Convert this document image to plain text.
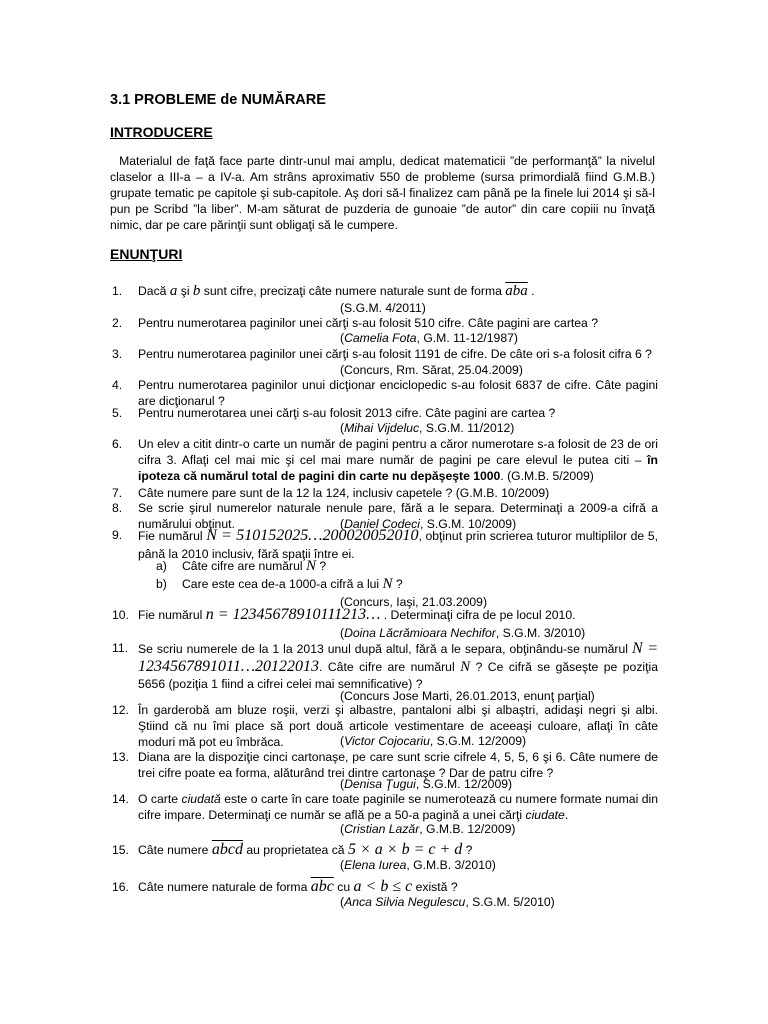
3.1 PROBLEME de NUMĂRARE
INTRODUCERE
Materialul de faţă face parte dintr-unul mai amplu, dedicat matematicii ”de performanţă” la nivelul claselor a III-a – a IV-a. Am strâns aproximativ 550 de probleme (sursa primordială fiind G.M.B.) grupate tematic pe capitole şi sub-capitole. Aş dori să-l finalizez cam până pe la finele lui 2014 şi să-l pun pe Scribd ”la liber”. M-am săturat de puzderia de gunoaie ”de autor” din care copiii nu învaţă nimic, dar pe care părinţii sunt obligaţi să le cumpere.
ENUNŢURI
1.	Dacă a şi b sunt cifre, precizaţi câte numere naturale sunt de forma $\overline{aba}$ .
(S.G.M. 4/2011)
2.	Pentru numerotarea paginilor unei cărţi s-au folosit 510 cifre. Câte pagini are cartea ?
(Camelia Fota, G.M. 11-12/1987)
3.	Pentru numerotarea paginilor unei cărţi s-au folosit 1191 de cifre. De câte ori s-a folosit cifra 6 ?
(Concurs, Rm. Sărat, 25.04.2009)
4.	Pentru numerotarea paginilor unui dicţionar enciclopedic s-au folosit 6837 de cifre. Câte pagini are dicţionarul ?
5.	Pentru numerotarea unei cărţi s-au folosit 2013 cifre. Câte pagini are cartea ?
(Mihai Vijdeluc, S.G.M. 11/2012)
6.	Un elev a citit dintr-o carte un număr de pagini pentru a căror numerotare s-a folosit de 23 de ori cifra 3. Aflaţi cel mai mic şi cel mai mare număr de pagini pe care elevul le putea citi – în ipoteza că numărul total de pagini din carte nu depăşeşte 1000. (G.M.B. 5/2009)
7.	Câte numere pare sunt de la 12 la 124, inclusiv capetele ? (G.M.B. 10/2009)
8.	Se scrie şirul numerelor naturale nenule pare, fără a le separa. Determinaţi a 2009-a cifră a numărului obţinut.	(Daniel Codeci, S.G.M. 10/2009)
9.	Fie numărul N = 510152025…200020052010, obţinut prin scrierea tuturor multiplilor de 5, până la 2010 inclusiv, fără spaţii între ei.
a) Câte cifre are numărul N ?
b) Care este cea de-a 1000-a cifră a lui N ?
(Concurs, Iaşi, 21.03.2009)
10. Fie numărul n = 12345678910111213… . Determinaţi cifra de pe locul 2010.
(Doina Lăcrămioara Nechifor, S.G.M. 3/2010)
11. Se scriu numerele de la 1 la 2013 unul după altul, fără a le separa, obţinându-se numărul N = 1234567891011…20122013. Câte cifre are numărul N ? Ce cifră se găseşte pe poziţia 5656 (poziţia 1 fiind a cifrei celei mai semnificative) ?
(Concurs Jose Marti, 26.01.2013, enunţ parţial)
12. În garderobă am bluze roşii, verzi şi albastre, pantaloni albi şi albaştri, adidaşi negri şi albi. Ştiind că nu îmi place să port două articole vestimentare de aceeaşi culoare, aflaţi în câte moduri mă pot eu îmbrăca.	(Victor Cojocariu, S.G.M. 12/2009)
13. Diana are la dispoziţie cinci cartonaşe, pe care sunt scrie cifrele 4, 5, 5, 6 şi 6. Câte numere de trei cifre poate ea forma, alăturând trei dintre cartonaşe ? Dar de patru cifre ?
(Denisa Ţugui, S.G.M. 12/2009)
14. O carte ciudată este o carte în care toate paginile se numerotează cu numere formate numai din cifre impare. Determinaţi ce număr se află pe a 50-a pagină a unei cărţi ciudate.
(Cristian Lazăr, G.M.B. 12/2009)
15. Câte numere abcd au proprietatea că 5 × a × b = c + d ?
(Elena Iurea, G.M.B. 3/2010)
16. Câte numere naturale de forma $\overline{abc}$ cu a < b ≤ c există ?
(Anca Silvia Negulescu, S.G.M. 5/2010)
